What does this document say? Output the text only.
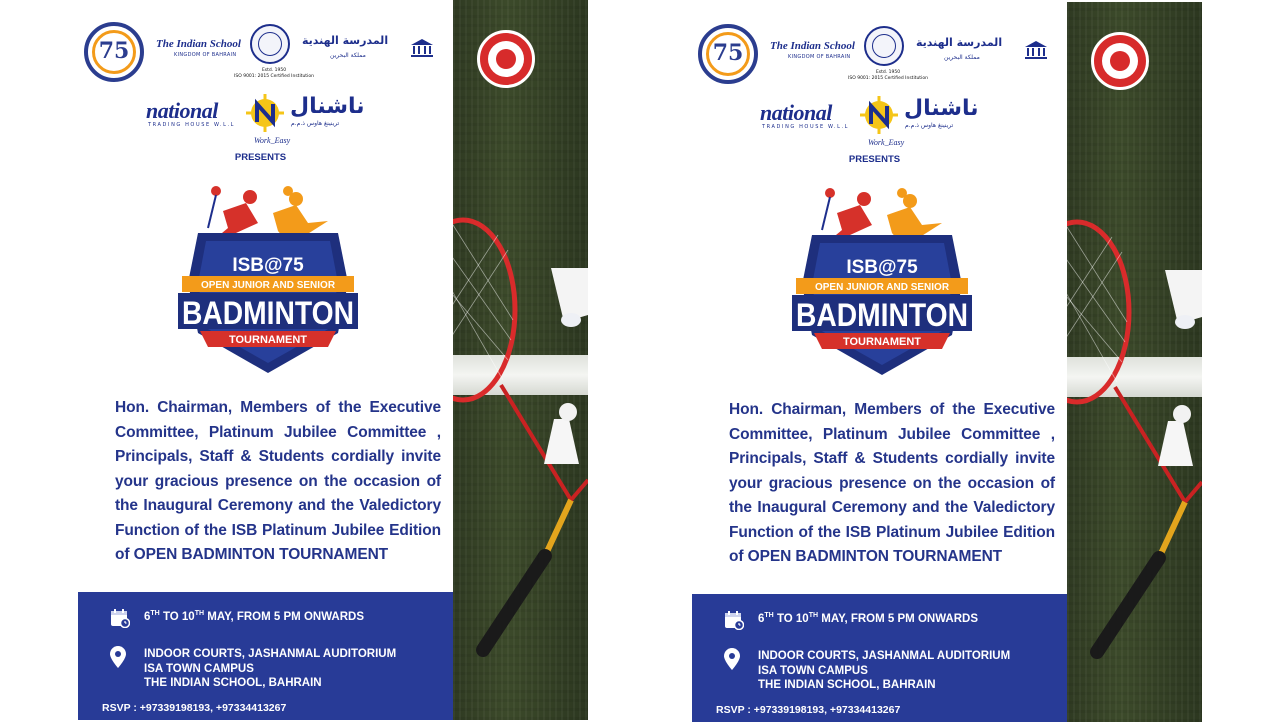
75	The Indian School
KINGDOM OF BAHRAIN
Estd. 1950
ISO 9001: 2015 Certified Institution
المدرسة الهندية
مملكة البحرين
national
TRADING HOUSE W.L.L
ناشنال
ترينينغ هاوس ذ.م.م
Work_Easy
PRESENTS
ISB@75
OPEN JUNIOR AND SENIOR
BADMINTON
TOURNAMENT
Hon. Chairman, Members of the Executive Committee, Platinum Jubilee Committee , Principals, Staff & Students cordially invite your gracious presence on the occasion of the Inaugural Ceremony and the Valedictory Function of the ISB Platinum Jubilee Edition of OPEN BADMINTON TOURNAMENT
6TH TO 10TH MAY, FROM 5 PM ONWARDS
INDOOR COURTS, JASHANMAL AUDITORIUM
ISA TOWN CAMPUS
THE INDIAN SCHOOL, BAHRAIN
RSVP : +97339198193, +97334413267
75	The Indian School
KINGDOM OF BAHRAIN
Estd. 1950
ISO 9001: 2015 Certified Institution
المدرسة الهندية
مملكة البحرين
national
TRADING HOUSE W.L.L
ناشنال
ترينينغ هاوس ذ.م.م
Work_Easy
PRESENTS
ISB@75
OPEN JUNIOR AND SENIOR
BADMINTON
TOURNAMENT
Hon. Chairman, Members of the Executive Committee, Platinum Jubilee Committee , Principals, Staff & Students cordially invite your gracious presence on the occasion of the Inaugural Ceremony and the Valedictory Function of the ISB Platinum Jubilee Edition of OPEN BADMINTON TOURNAMENT
6TH TO 10TH MAY, FROM 5 PM ONWARDS
INDOOR COURTS, JASHANMAL AUDITORIUM
ISA TOWN CAMPUS
THE INDIAN SCHOOL, BAHRAIN
RSVP : +97339198193, +97334413267
